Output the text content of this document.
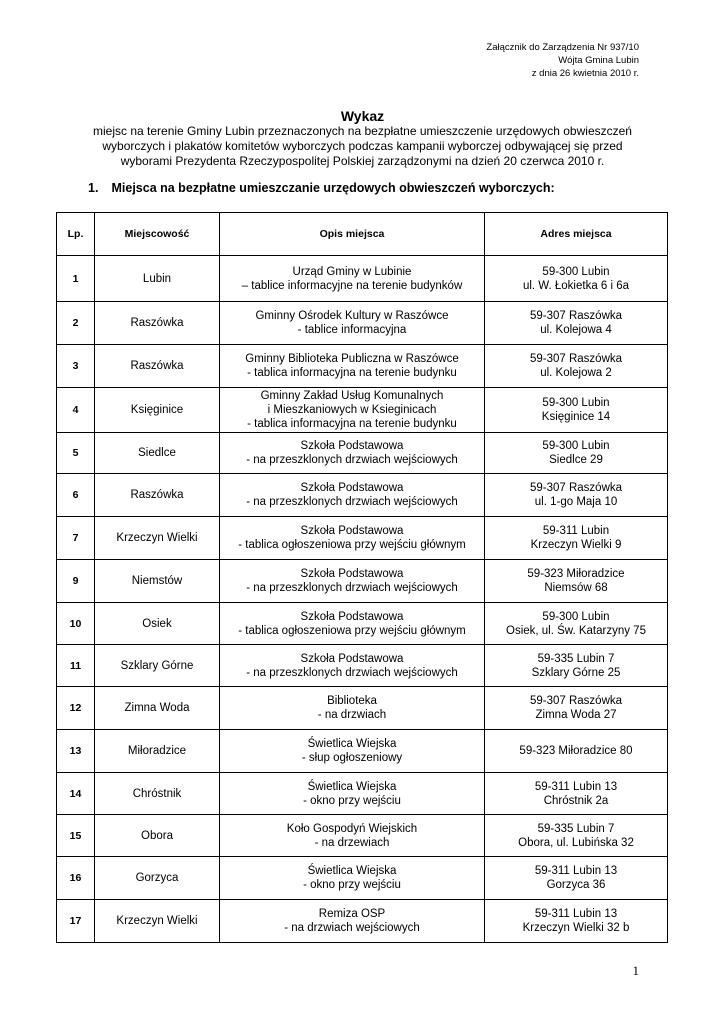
Załącznik do Zarządzenia Nr 937/10
Wójta Gmina Lubin
z dnia 26 kwietnia 2010 r.
Wykaz
miejsc na terenie Gminy Lubin przeznaczonych na bezpłatne umieszczenie urzędowych obwieszczeń
wyborczych i plakatów komitetów wyborczych podczas kampanii wyborczej odbywającej się przed
wyborami Prezydenta Rzeczypospolitej Polskiej zarządzonymi na dzień 20 czerwca 2010 r.
1. Miejsca na bezpłatne umieszczanie urzędowych obwieszczeń wyborczych:
Lp.	Miejscowość	Opis miejsca	Adres miejsca
1	Lubin	Urząd Gminy w Lubinie
– tablice informacyjne na terenie budynków	59-300 Lubin
ul. W. Łokietka 6 i 6a

2	Raszówka	Gminny Ośrodek Kultury w Raszówce
- tablice informacyjna	59-307 Raszówka
ul. Kolejowa 4

3	Raszówka	Gminny Biblioteka Publiczna w Raszówce
- tablica informacyjna na terenie budynku	59-307 Raszówka
ul. Kolejowa 2

4	Księginice	Gminny Zakład Usług Komunalnych
i Mieszkaniowych w Ksieginicach
- tablica informacyjna na terenie budynku	59-300 Lubin
Księginice 14

5	Siedlce	Szkoła Podstawowa
- na przeszklonych drzwiach wejściowych	59-300 Lubin
Siedlce 29

6	Raszówka	Szkoła Podstawowa
- na przeszklonych drzwiach wejściowych	59-307 Raszówka
ul. 1-go Maja 10

7	Krzeczyn Wielki	Szkoła Podstawowa
- tablica ogłoszeniowa przy wejściu głównym	59-311 Lubin
Krzeczyn Wielki 9

9	Niemstów	Szkoła Podstawowa
- na przeszklonych drzwiach wejściowych	59-323 Miłoradzice
Niemsów 68

10	Osiek	Szkoła Podstawowa
- tablica ogłoszeniowa przy wejściu głównym	59-300 Lubin
Osiek, ul. Św. Katarzyny 75

11	Szklary Górne	Szkoła Podstawowa
- na przeszklonych drzwiach wejściowych	59-335 Lubin 7
Szklary Górne 25

12	Zimna Woda	Biblioteka
- na drzwiach	59-307 Raszówka
Zimna Woda 27

13	Miłoradzice	Świetlica Wiejska
- słup ogłoszeniowy	59-323 Miłoradzice 80

14	Chróstnik	Świetlica Wiejska
- okno przy wejściu	59-311 Lubin 13
Chróstnik 2a

15	Obora	Koło Gospodyń Wiejskich
- na drzewiach	59-335 Lubin 7
Obora, ul. Lubińska 32

16	Gorzyca	Świetlica Wiejska
- okno przy wejściu	59-311 Lubin 13
Gorzyca 36

17	Krzeczyn Wielki	Remiza OSP
- na drzwiach wejściowych	59-311 Lubin 13
Krzeczyn Wielki 32 b
1
